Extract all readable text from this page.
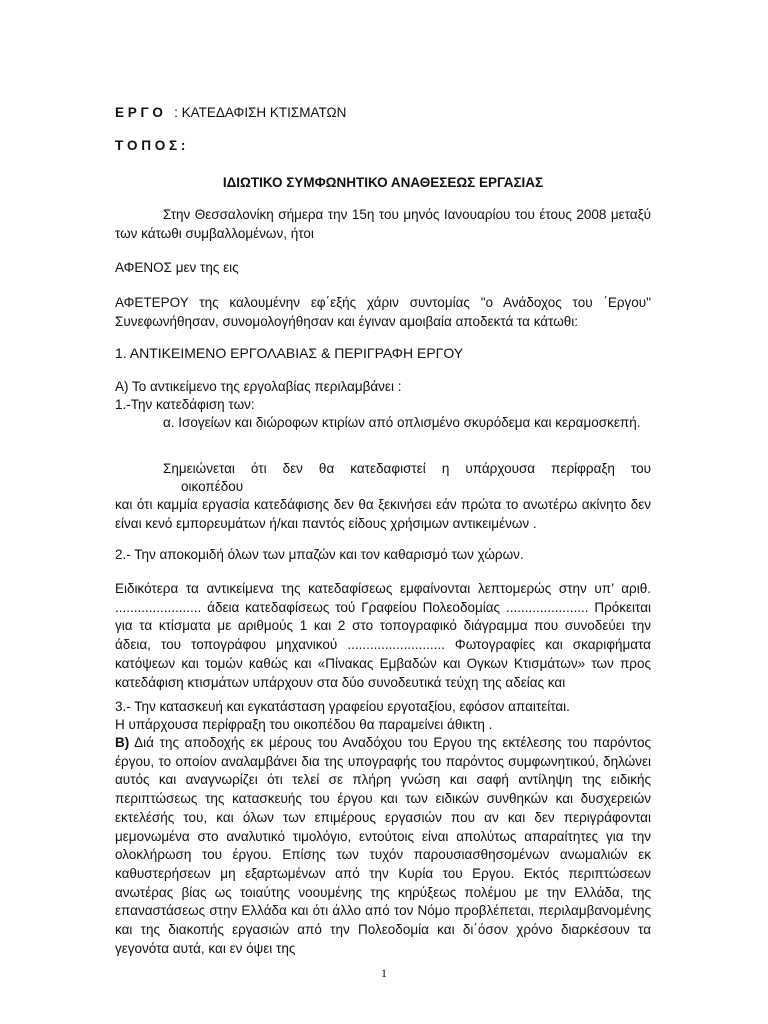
Ε Ρ Γ Ο : ΚΑΤΕΔΑΦΙΣΗ ΚΤΙΣΜΑΤΩΝ
Τ Ο Π Ο Σ :
ΙΔΙΩΤΙΚΟ ΣΥΜΦΩΝΗΤΙΚΟ ΑΝΑΘΕΣΕΩΣ ΕΡΓΑΣΙΑΣ
Στην Θεσσαλονίκη σήμερα την 15η του μηνός Ιανουαρίου του έτους 2008 μεταξύ των κάτωθι συμβαλλομένων, ήτοι
ΑΦΕΝΟΣ μεν της εις
ΑΦΕΤΕΡΟΥ της καλουμένην εφ΄εξής χάριν συντομίας "ο Ανάδοχος του ΄Εργου" Συνεφωνήθησαν, συνομολογήθησαν και έγιναν αμοιβαία αποδεκτά τα κάτωθι:
1. ΑΝΤΙΚΕΙΜΕΝΟ ΕΡΓΟΛΑΒΙΑΣ & ΠΕΡΙΓΡΑΦΗ ΕΡΓΟΥ
Α) Το αντικείμενο της εργολαβίας περιλαμβάνει :
1.-Την κατεδάφιση των:
α. Ισογείων και διώροφων κτιρίων από οπλισμένο σκυρόδεμα και κεραμοσκεπή.
Σημειώνεται ότι δεν θα κατεδαφιστεί η υπάρχουσα περίφραξη του
οικοπέδου
και ότι καμμία εργασία κατεδάφισης δεν θα ξεκινήσει εάν πρώτα το ανωτέρω ακίνητο δεν είναι κενό εμπορευμάτων ή/και παντός είδους χρήσιμων αντικειμένων .
2.- Την αποκομιδή όλων των μπαζών και τον καθαρισμό των χώρων.
Ειδικότερα τα αντικείμενα της κατεδαφίσεως εμφαίνονται λεπτομερώς στην υπ’ αριθ. ....................... άδεια κατεδαφίσεως τού Γραφείου Πολεοδομίας ...................... Πρόκειται για τα κτίσματα με αριθμούς 1 και 2 στο τοπογραφικό διάγραμμα που συνοδεύει την άδεια, του τοπογράφου μηχανικού .......................... Φωτογραφίες και σκαριφήματα κατόψεων και τομών καθώς και «Πίνακας Εμβαδών και Ογκων Κτισμάτων» των προς κατεδάφιση κτισμάτων υπάρχουν στα δύο συνοδευτικά τεύχη της αδείας και
3.- Την κατασκευή και εγκατάσταση γραφείου εργοταξίου, εφόσον απαιτείται.
Η υπάρχουσα περίφραξη του οικοπέδου θα παραμείνει άθικτη .
Β) Διά της αποδοχής εκ μέρους του Αναδόχου του Εργου της εκτέλεσης του παρόντος έργου, το οποίον αναλαμβάνει δια της υπογραφής του παρόντος συμφωνητικού, δηλώνει αυτός και αναγνωρίζει ότι τελεί σε πλήρη γνώση και σαφή αντίληψη της ειδικής περιπτώσεως της κατασκευής του έργου και των ειδικών συνθηκών και δυσχερειών εκτελέσής του, και όλων των επιμέρους εργασιών που αν και δεν περιγράφονται μεμονωμένα στο αναλυτικό τιμολόγιο, εντούτοις είναι απολύτως απαραίτητες για την ολοκλήρωση του έργου. Επίσης των τυχόν παρουσιασθησομένων ανωμαλιών εκ καθυστερήσεων μη εξαρτωμένων από την Κυρία του Εργου. Εκτός περιπτώσεων ανωτέρας βίας ως τοιαύτης νοουμένης της κηρύξεως πολέμου με την Ελλάδα, της επαναστάσεως στην Ελλάδα και ότι άλλο από τον Νόμο προβλέπεται, περιλαμβανομένης και της διακοπής εργασιών από την Πολεοδομία και δι΄όσον χρόνο διαρκέσουν τα γεγονότα αυτά, και εν όψει της
1
